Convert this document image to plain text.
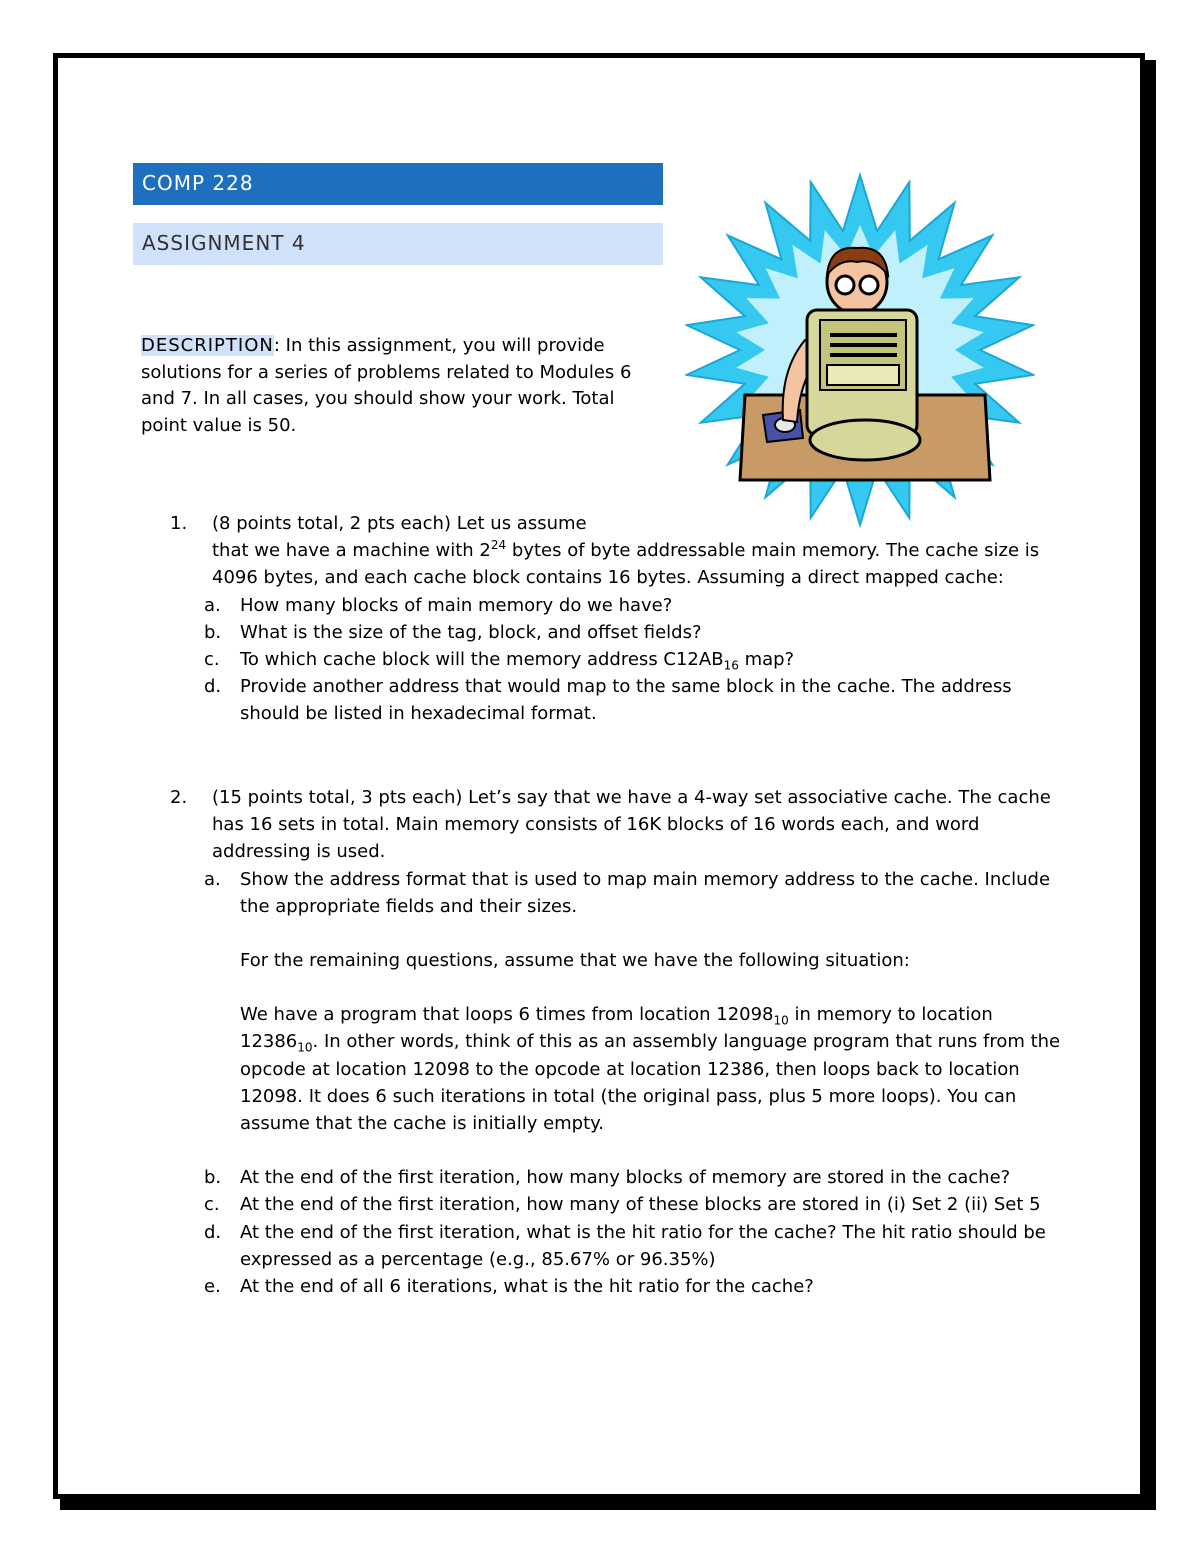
COMP 228
ASSIGNMENT 4
DESCRIPTION: In this assignment, you will provide solutions for a series of problems related to Modules 6 and 7. In all cases, you should show your work. Total point value is 50.
1. (8 points total, 2 pts each) Let us assume

that we have a machine with $2^{24}$ bytes of byte addressable main memory. The cache size is 4096 bytes, and each cache block contains 16 bytes. Assuming a direct mapped cache:

a. How many blocks of main memory do we have?

b. What is the size of the tag, block, and offset fields?

c. To which cache block will the memory address $C12AB_{16}$ map?

d. Provide another address that would map to the same block in the cache. The address should be listed in hexadecimal format.

2. (15 points total, 3 pts each) Let’s say that we have a 4-way set associative cache. The cache has 16 sets in total. Main memory consists of 16K blocks of 16 words each, and word addressing is used.

a. Show the address format that is used to map main memory address to the cache. Include the appropriate fields and their sizes.

For the remaining questions, assume that we have the following situation:

We have a program that loops 6 times from location $12098_{10}$ in memory to location $12386_{10}$. In other words, think of this as an assembly language program that runs from the opcode at location 12098 to the opcode at location 12386, then loops back to location 12098. It does 6 such iterations in total (the original pass, plus 5 more loops). You can assume that the cache is initially empty.

b. At the end of the first iteration, how many blocks of memory are stored in the cache?

c. At the end of the first iteration, how many of these blocks are stored in (i) Set 2 (ii) Set 5

d. At the end of the first iteration, what is the hit ratio for the cache? The hit ratio should be expressed as a percentage (e.g., 85.67% or 96.35%)

e. At the end of all 6 iterations, what is the hit ratio for the cache?
